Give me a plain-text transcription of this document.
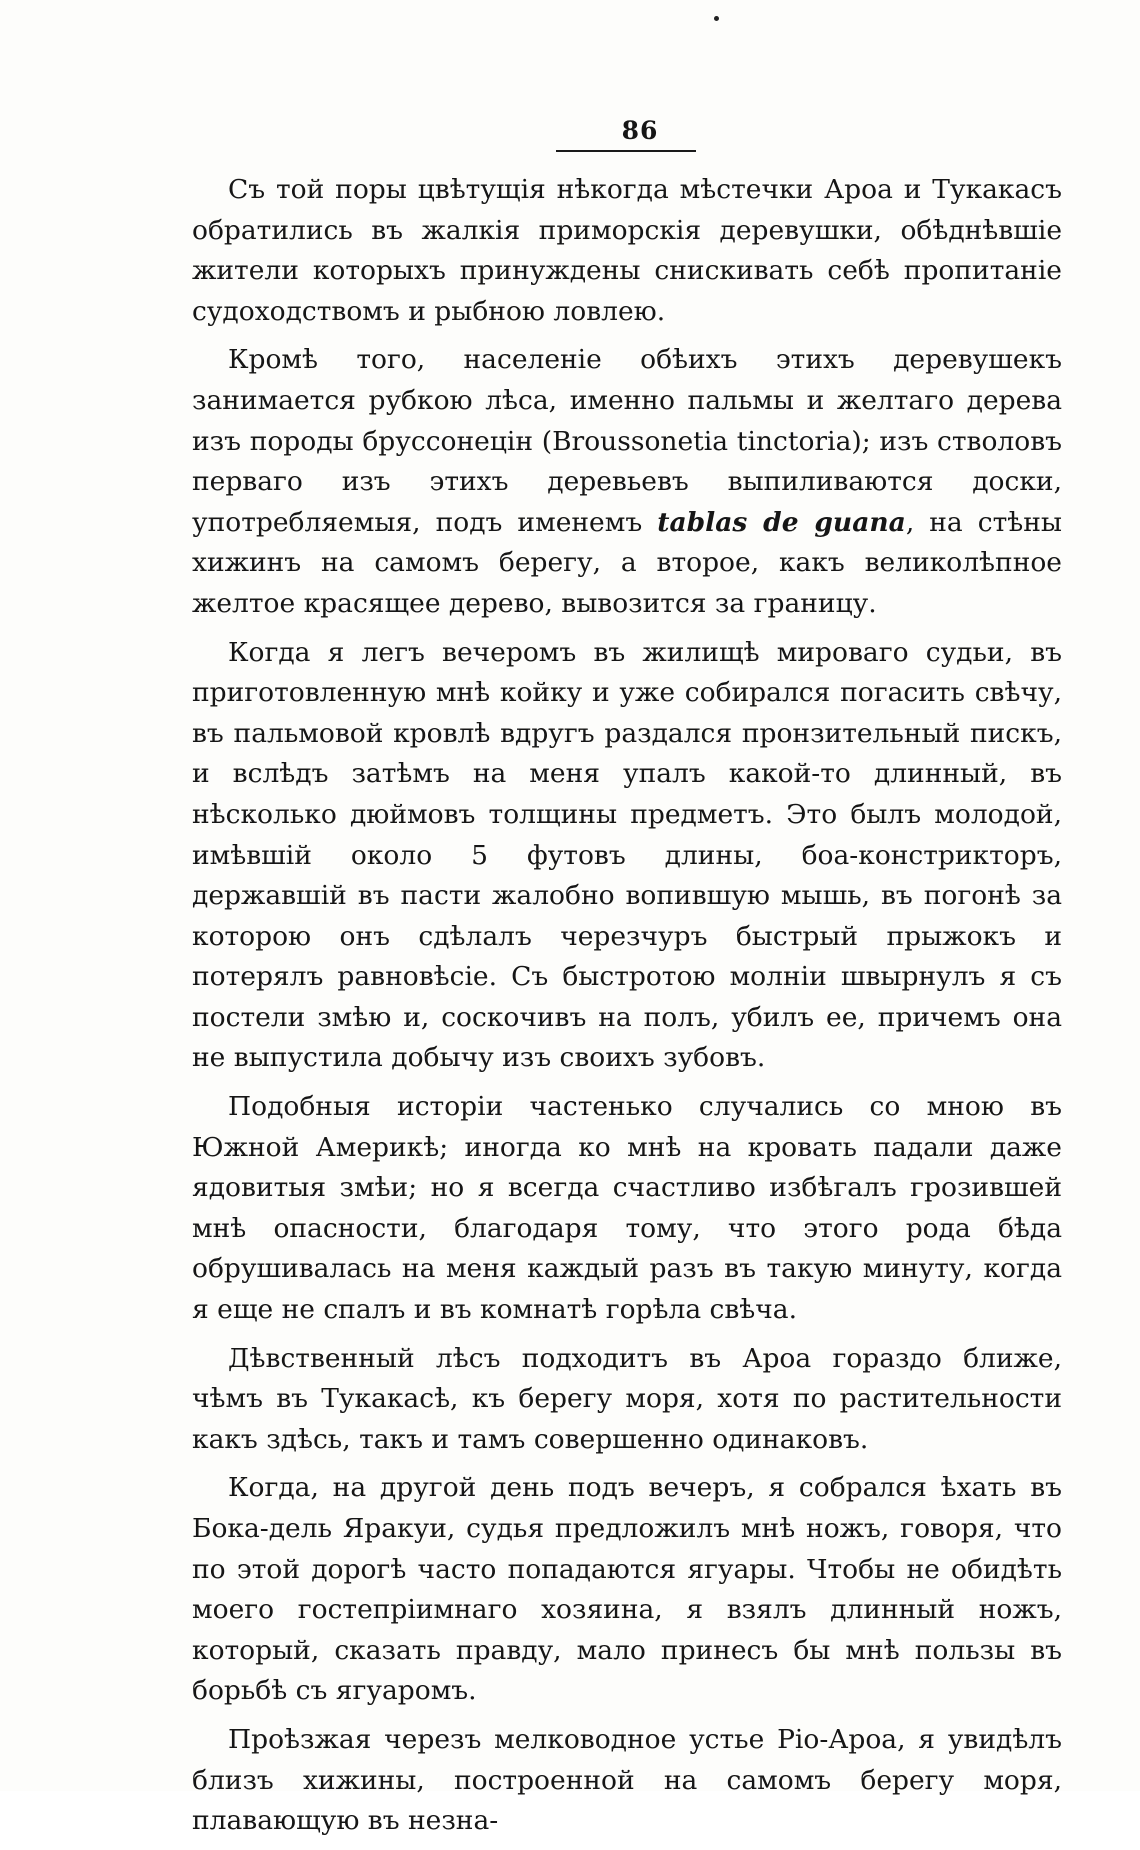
86

Съ той поры цвѣтущія нѣкогда мѣстечки Ароа и Тукакасъ обратились въ жалкія приморскія деревушки, обѣднѣвшіе жители которыхъ принуждены снискивать себѣ пропитаніе судоходствомъ и рыбною ловлею.

Кромѣ того, населеніе обѣихъ этихъ деревушекъ занимается рубкою лѣса, именно пальмы и желтаго дерева изъ породы бруссонецін (Broussonetia tinctoria); изъ стволовъ перваго изъ этихъ деревьевъ выпиливаются доски, употребляемыя, подъ именемъ tablas de guana, на стѣны хижинъ на самомъ берегу, а второе, какъ великолѣпное желтое красящее дерево, вывозится за границу.

Когда я легъ вечеромъ въ жилищѣ мироваго судьи, въ приготовленную мнѣ койку и уже собирался погасить свѣчу, въ пальмовой кровлѣ вдругъ раздался пронзительный пискъ, и вслѣдъ затѣмъ на меня упалъ какой-то длинный, въ нѣсколько дюймовъ толщины предметъ. Это былъ молодой, имѣвшій около 5 футовъ длины, боа-констрикторъ, державшій въ пасти жалобно вопившую мышь, въ погонѣ за которою онъ сдѣлалъ черезчуръ быстрый прыжокъ и потерялъ равновѣсіе. Съ быстротою молніи швырнулъ я съ постели змѣю и, соскочивъ на полъ, убилъ ее, причемъ она не выпустила добычу изъ своихъ зубовъ.

Подобныя исторіи частенько случались со мною въ Южной Америкѣ; иногда ко мнѣ на кровать падали даже ядовитыя змѣи; но я всегда счастливо избѣгалъ грозившей мнѣ опасности, благодаря тому, что этого рода бѣда обрушивалась на меня каждый разъ въ такую минуту, когда я еще не спалъ и въ комнатѣ горѣла свѣча.

Дѣвственный лѣсъ подходитъ въ Ароа гораздо ближе, чѣмъ въ Тукакасѣ, къ берегу моря, хотя по растительности какъ здѣсь, такъ и тамъ совершенно одинаковъ.

Когда, на другой день подъ вечеръ, я собрался ѣхать въ Бока-дель Яракуи, судья предложилъ мнѣ ножъ, говоря, что по этой дорогѣ часто попадаются ягуары. Чтобы не обидѣть моего гостепріимнаго хозяина, я взялъ длинный ножъ, который, сказать правду, мало принесъ бы мнѣ пользы въ борьбѣ съ ягуаромъ.

Проѣзжая черезъ мелководное устье Ріо-Ароа, я увидѣлъ близъ хижины, построенной на самомъ берегу моря, плавающую въ незна-
